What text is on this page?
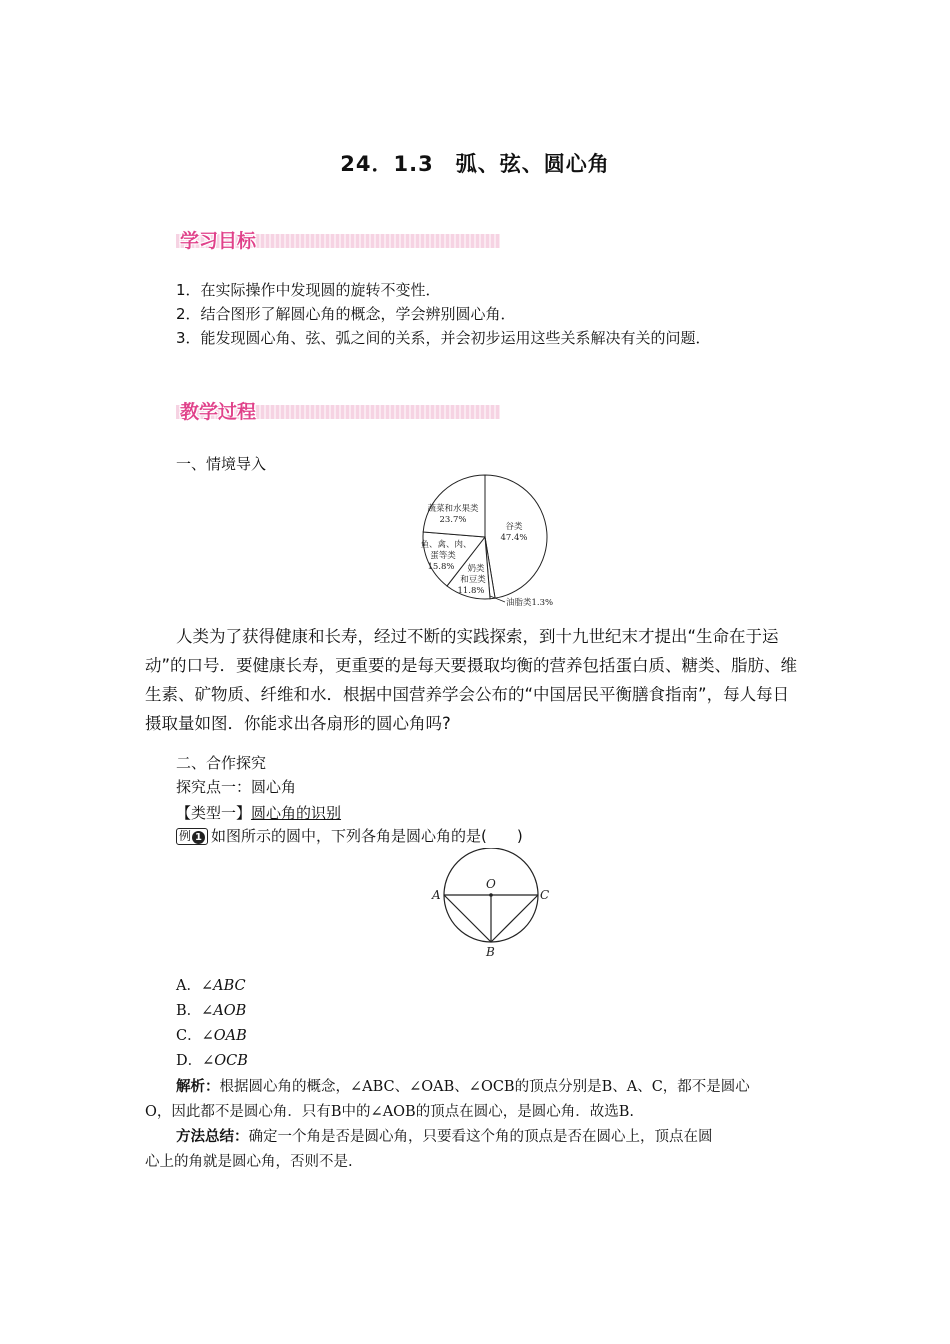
24．1.3　弧、弦、圆心角
学习目标
1．在实际操作中发现圆的旋转不变性．
2．结合图形了解圆心角的概念，学会辨别圆心角．
3．能发现圆心角、弦、弧之间的关系，并会初步运用这些关系解决有关的问题．
教学过程
一、情境导入
蔬菜和水果类
23.7%
谷类
47.4%
鱼、禽、肉、
蛋等类
15.8% 奶类
和豆类
11.8%
油脂类1.3%
人类为了获得健康和长寿，经过不断的实践探索，到十九世纪末才提出“生命在于运
动”的口号．要健康长寿，更重要的是每天要摄取均衡的营养包括蛋白质、糖类、脂肪、维
生素、矿物质、纤维和水．根据中国营养学会公布的“中国居民平衡膳食指南”，每人每日
摄取量如图．你能求出各扇形的圆心角吗?
二、合作探究
探究点一：圆心角
【类型一】圆心角的识别
例 1 如图所示的圆中，下列各角是圆心角的是(　　)
O
A	C
B
A．∠ABC
B．∠AOB
C．∠OAB
D．∠OCB
解析：根据圆心角的概念，∠ABC、∠OAB、∠OCB的顶点分别是B、A、C，都不是圆心
O，因此都不是圆心角．只有B中的∠AOB的顶点在圆心，是圆心角．故选B.
方法总结：确定一个角是否是圆心角，只要看这个角的顶点是否在圆心上，顶点在圆
心上的角就是圆心角，否则不是.
